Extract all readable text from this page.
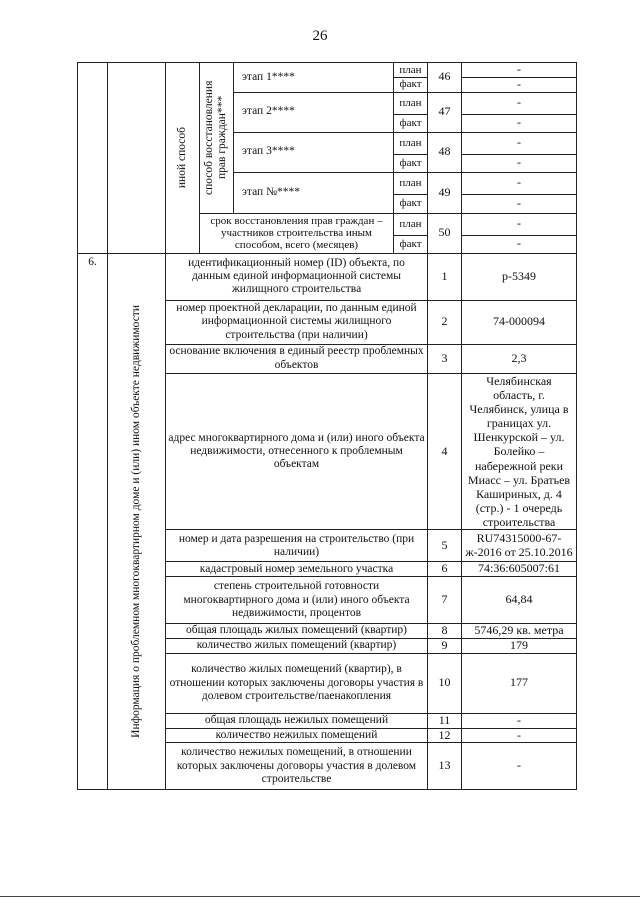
26

		иной способ	способ восстановления прав граждан***	этап 1****	план	46	-
					факт		-
				этап 2****	план	47	-
					факт		-
				этап 3****	план	48	-
					факт		-
				этап №****	план	49	-
					факт		-
			срок восстановления прав граждан – участников строительства иным способом, всего (месяцев)		план	50	-
					факт		-

6.	Информация о проблемном многоквартирном доме и (или) ином объекте недвижимости	идентификационный номер (ID) объекта, по данным единой информационной системы жилищного строительства				1	р-5349
		номер проектной декларации, по данным единой информационной системы жилищного строительства (при наличии)				2	74-000094
		основание включения в единый реестр проблемных объектов				3	2,3
		адрес многоквартирного дома и (или) иного объекта недвижимости, отнесенного к проблемным объектам				4	Челябинская область, г. Челябинск, улица в границах ул. Шенкурской – ул. Болейко – набережной реки Миасс – ул. Братьев Кашириных, д. 4 (стр.) - 1 очередь строительства
		номер и дата разрешения на строительство (при наличии)				5	RU74315000-67-ж-2016 от 25.10.2016
		кадастровый номер земельного участка				6	74:36:605007:61
		степень строительной готовности многоквартирного дома и (или) иного объекта недвижимости, процентов				7	64,84
		общая площадь жилых помещений (квартир)				8	5746,29 кв. метра
		количество жилых помещений (квартир)				9	179
		количество жилых помещений (квартир), в отношении которых заключены договоры участия в долевом строительстве/паенакопления				10	177
		общая площадь нежилых помещений				11	-
		количество нежилых помещений				12	-
		количество нежилых помещений, в отношении которых заключены договоры участия в долевом строительстве				13	-
